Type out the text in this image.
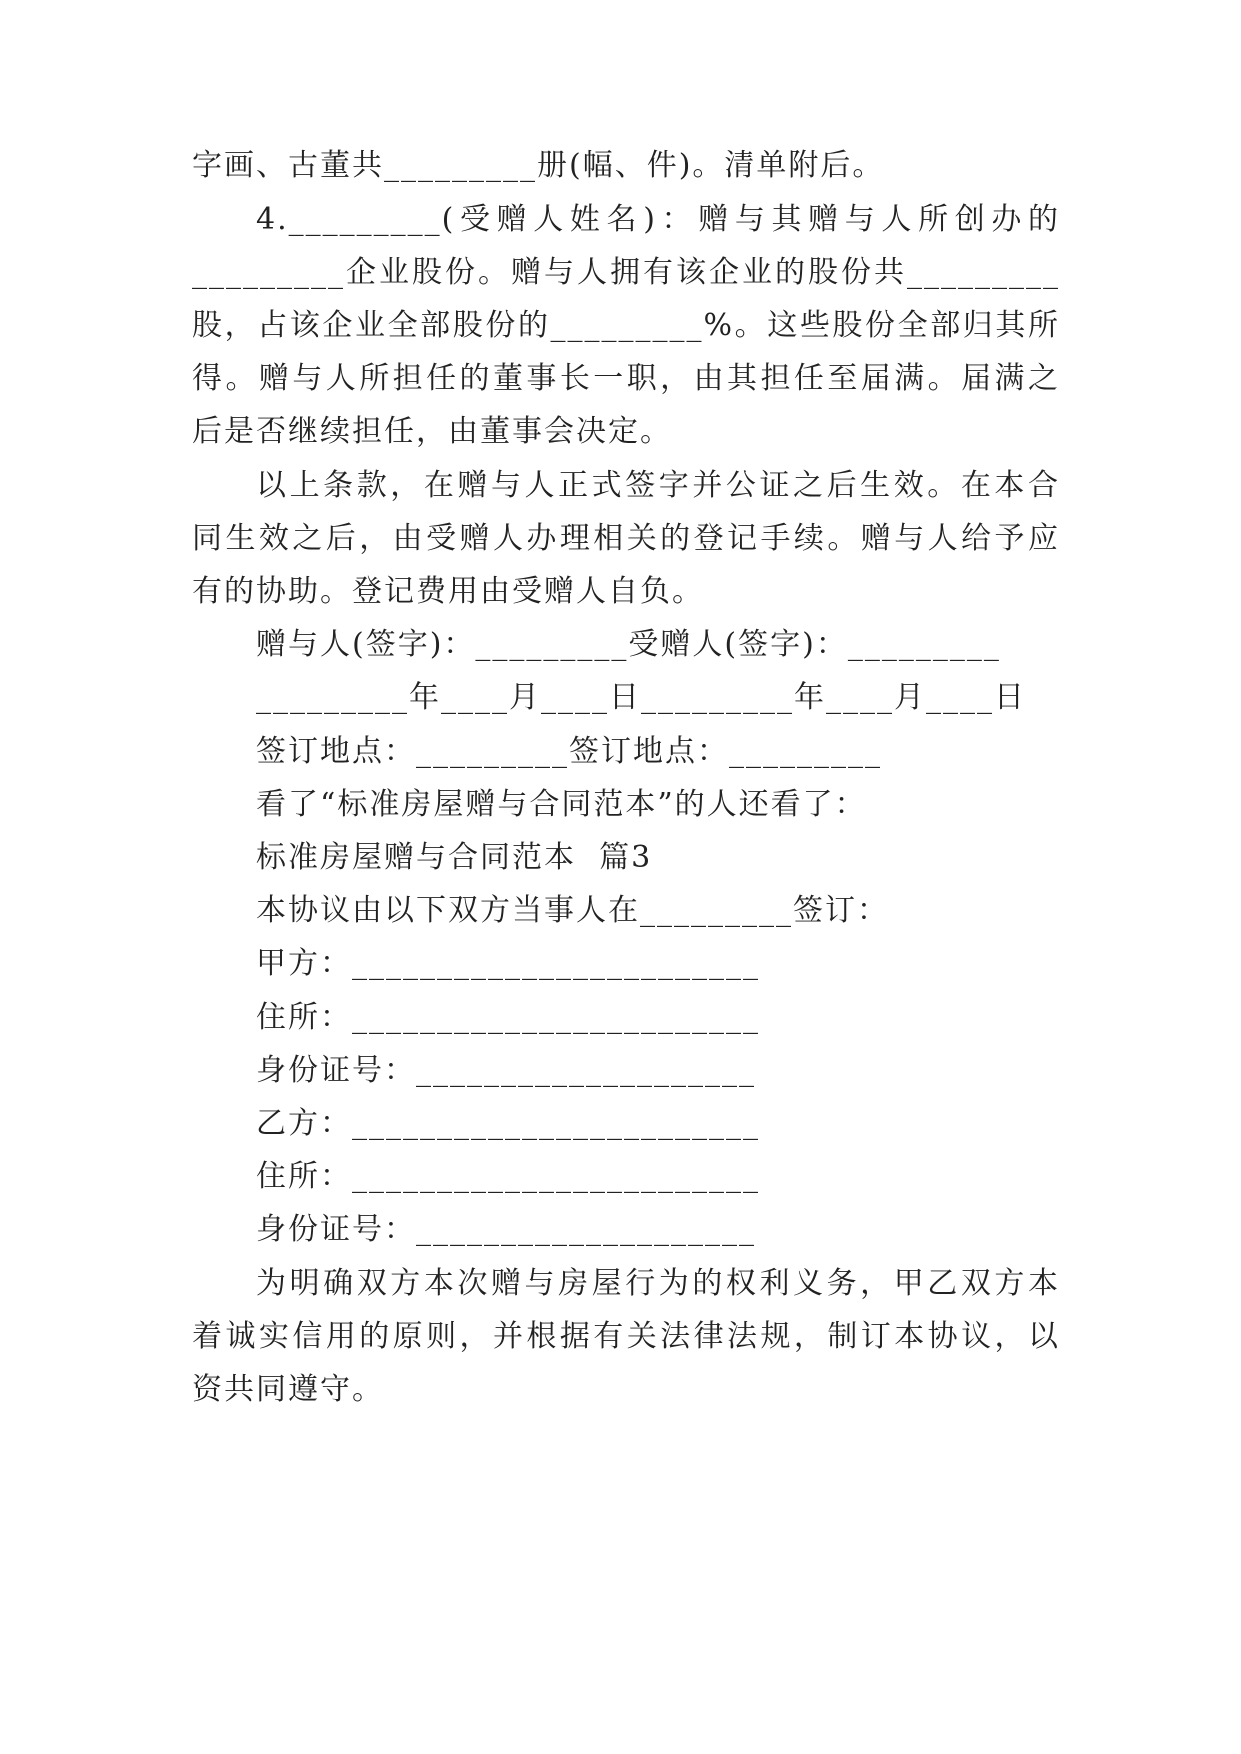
字画、古董共_________册(幅、件)。清单附后。
4._________(受赠人姓名)：赠与其赠与人所创办的
_________企业股份。赠与人拥有该企业的股份共_________
股，占该企业全部股份的_________%。这些股份全部归其所
得。赠与人所担任的董事长一职，由其担任至届满。届满之
后是否继续担任，由董事会决定。
以上条款，在赠与人正式签字并公证之后生效。在本合
同生效之后，由受赠人办理相关的登记手续。赠与人给予应
有的协助。登记费用由受赠人自负。
赠与人(签字)：_________受赠人(签字)：_________
_________年____月____日_________年____月____日
签订地点：_________签订地点：_________
看了“标准房屋赠与合同范本”的人还看了：
标准房屋赠与合同范本  篇3
本协议由以下双方当事人在_________签订：
甲方：________________________
住所：________________________
身份证号：____________________
乙方：________________________
住所：________________________
身份证号：____________________
为明确双方本次赠与房屋行为的权利义务，甲乙双方本
着诚实信用的原则，并根据有关法律法规，制订本协议，以
资共同遵守。
